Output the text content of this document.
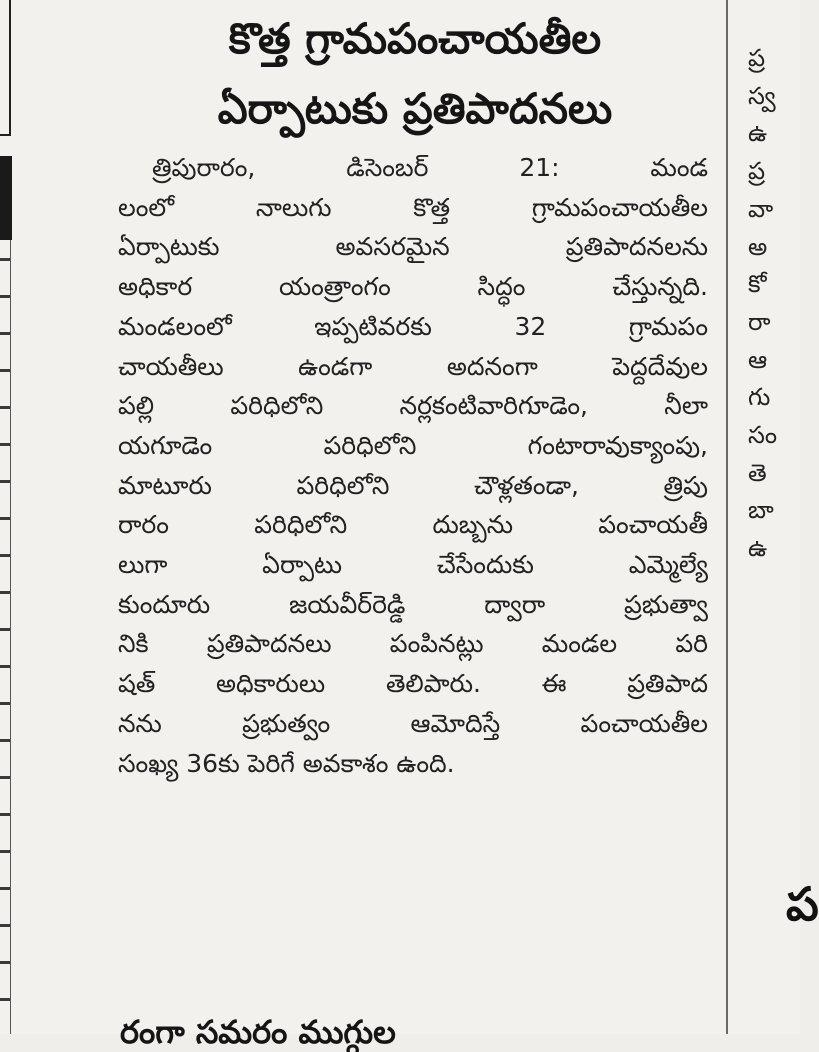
కొత్త గ్రామపంచాయతీల
ఏర్పాటుకు ప్రతిపాదనలు
త్రిపురారం, డిసెంబర్ 21: మండ
లంలో నాలుగు కొత్త గ్రామపంచాయతీల
ఏర్పాటుకు అవసరమైన ప్రతిపాదనలను
అధికార యంత్రాంగం సిద్ధం చేస్తున్నది.
మండలంలో ఇప్పటివరకు 32 గ్రామపం
చాయతీలు ఉండగా అదనంగా పెద్దదేవుల
పల్లి పరిధిలోని నర్లకంటివారిగూడెం, నీలా
యగూడెం పరిధిలోని గంటారావుక్యాంపు,
మాటూరు పరిధిలోని చౌళ్లతండా, త్రిపు
రారం పరిధిలోని దుబ్బను పంచాయతీ
లుగా ఏర్పాటు చేసేందుకు ఎమ్మెల్యే
కుందూరు జయవీర్‌రెడ్డి ద్వారా ప్రభుత్వా
నికి ప్రతిపాదనలు పంపినట్లు మండల పరి
షత్ అధికారులు తెలిపారు. ఈ ప్రతిపాద
నను ప్రభుత్వం ఆమోదిస్తే పంచాయతీల
సంఖ్య 36కు పెరిగే అవకాశం ఉంది.
రంగా సమరం ముగ్గుల
ప్ర
స్వ
ఉ
ప్ర
వా
అ
కో
రా
ఆ
గు
సం
తె
బా
ఉ
ప
